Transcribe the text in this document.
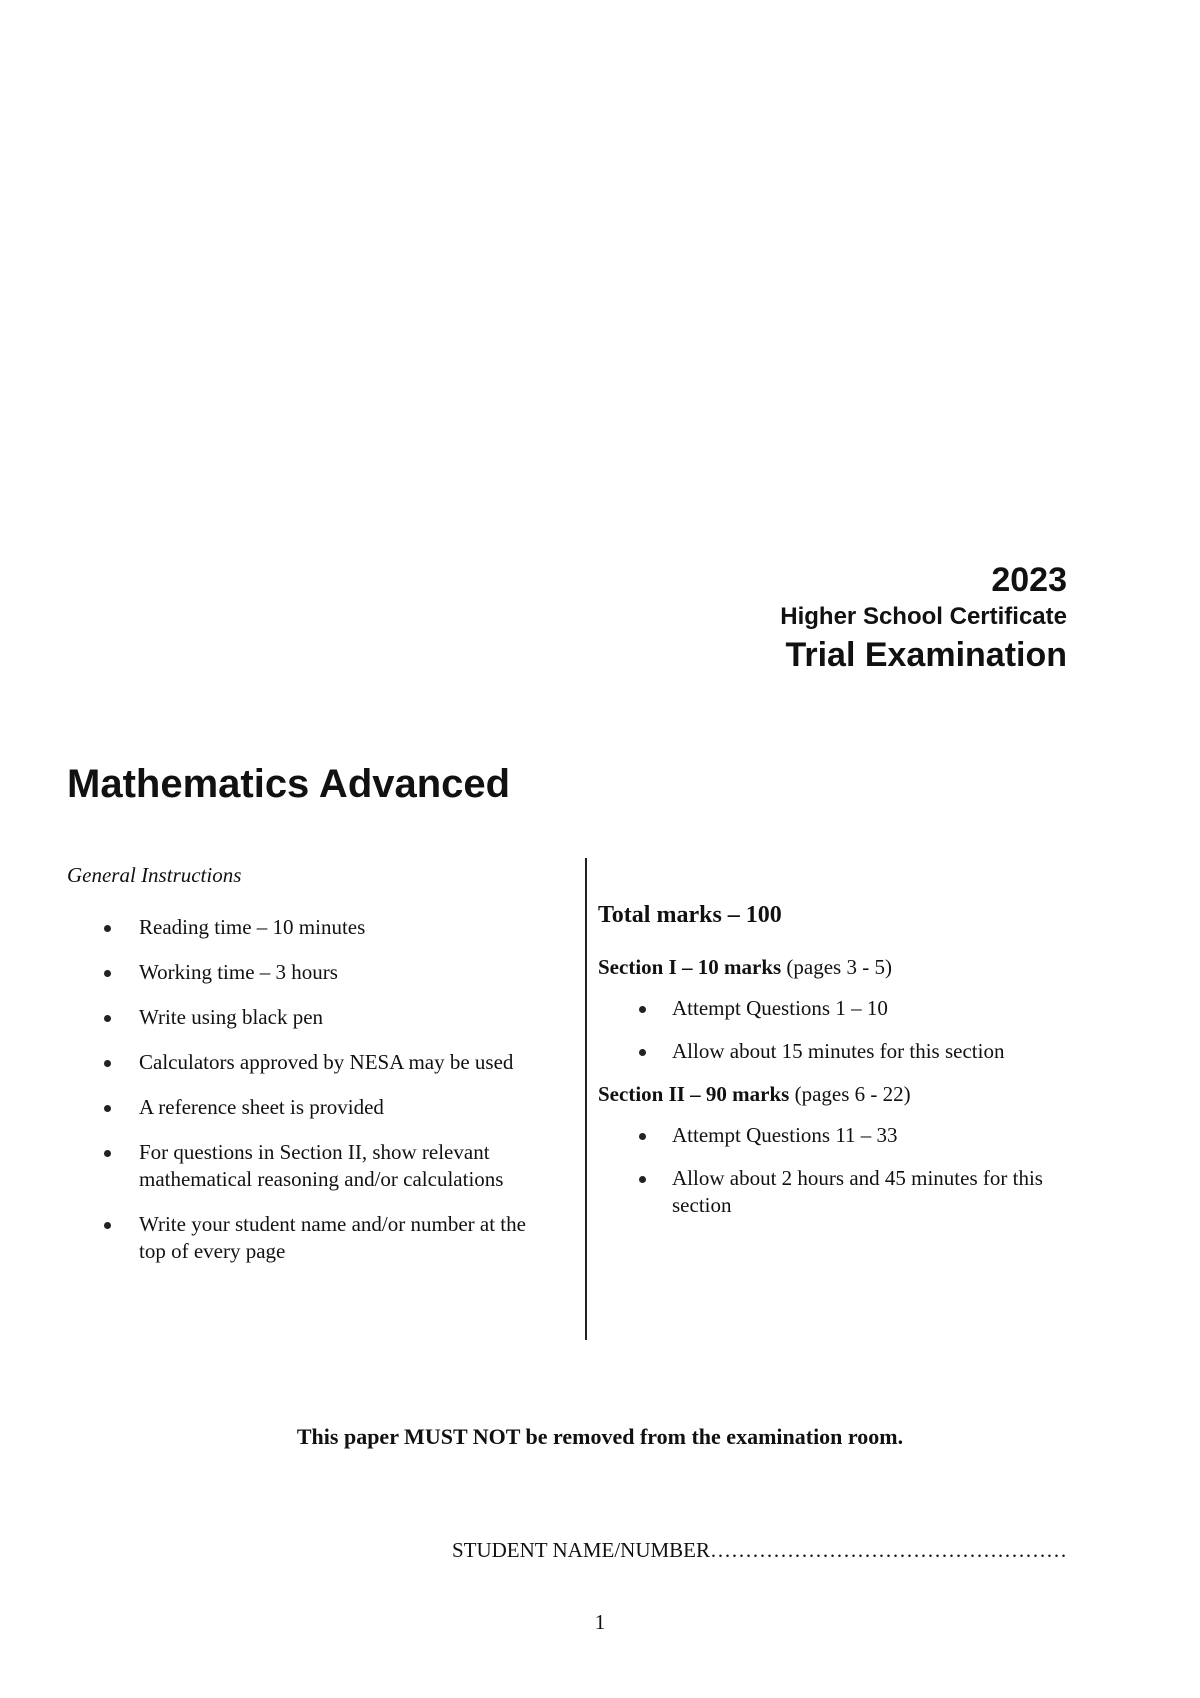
2023
Higher School Certificate
Trial Examination
Mathematics Advanced
General Instructions
Reading time – 10 minutes
Working time – 3 hours
Write using black pen
Calculators approved by NESA may be used
A reference sheet is provided
For questions in Section II, show relevant mathematical reasoning and/or calculations
Write your student name and/or number at the top of every page
Total marks – 100
Section I – 10 marks (pages 3 - 5)
Attempt Questions 1 – 10
Allow about 15 minutes for this section
Section II – 90 marks (pages 6 - 22)
Attempt Questions 11 – 33
Allow about 2 hours and 45 minutes for this section
This paper MUST NOT be removed from the examination room.
STUDENT NAME/NUMBER……………………………………………
1
